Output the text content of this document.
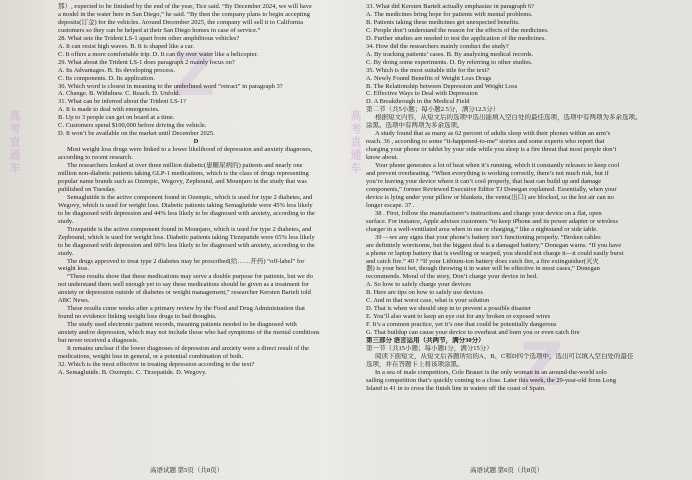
高考直通车	高考直通车
Z
Z
那）, expected to be finished by the end of the year, Tice said. “By December 2024, we will have
a model in the water here in San Diego,” he said. “By then the company plans to begin accepting
deposits(订金) for the vehicles. Around December 2025, the company will sell it to California
customers so they can be helped at their San Diego homes in case of service.”
28. What sets the Trident LS-1 apart from other amphibious vehicles?
A. It can resist high waves. B. It is shaped like a car.
C. It offers a more comfortable trip. D. It can fly over water like a helicopter.
29. What about the Trident LS-1 does paragraph 2 mainly focus on?
A. Its Advantages. B. Its developing process.
C. Its components. D. Its application.
30. Which word is closest in meaning to the underlined word “retract” in paragraph 3?
A. Change. B. Withdraw. C. Reach. D. Unfold.
31. What can be inferred about the Trident LS-1?
A. It is made to deal with emergencies.
B. Up to 3 people can get on board at a time.
C. Customers spend $100,000 before driving the vehicle.
D. It won’t be available on the market until December 2025.
D
Most weight loss drugs were linked to a lower likelihood of depression and anxiety diagnoses,
according to recent research.
The researchers looked at over three million diabetic(患糖尿病的) patients and nearly one
million non-diabetic patients taking GLP-1 medications, which is the class of drugs representing
popular name brands such as Ozempic, Wegovy, Zepbound, and Mounjaro in the study that was
published on Tuesday.
Semaglutide is the active component found in Ozempic, which is used for type 2 diabetes, and
Wegovy, which is used for weight loss. Diabetic patients taking Semaglutide were 45% less likely
to be diagnosed with depression and 44% less likely to be diagnosed with anxiety, according to the
study.
Tirzepatide is the active component found in Mounjaro, which is used for type 2 diabetes, and
Zepbound, which is used for weight loss. Diabetic patients taking Tirzepatide were 65% less likely
to be diagnosed with depression and 60% less likely to be diagnosed with anxiety, according to the
study.
The drugs approved to treat type 2 diabetes may be prescribed(给……开药) “off-label” for
weight loss.
“These results show that these medications may serve a double purpose for patients, but we do
not understand them well enough yet to say these medications should be given as a treatment for
anxiety or depression outside of diabetes or weight management,” researcher Kersten Bartelt told
ABC News.
These results come weeks after a primary review by the Food and Drug Administration that
found no evidence linking weight loss drugs to bad thoughts.
The study used electronic patient records, meaning patients needed to be diagnosed with
anxiety and/or depression, which may not include those who had symptoms of the mental conditions
but never received a diagnosis.
It remains unclear if the lower diagnoses of depression and anxiety were a direct result of the
medications, weight loss in general, or a potential combination of both.
32. Which is the most effective in treating depression according to the text?
A. Semaglutide. B. Ozempic. C. Tirzepatide. D. Wegovy.
33. What did Kersten Bartelt actually emphasize in paragraph 6?
A. The medicines bring hope for patients with mental problems.
B. Patients taking these medicines get unexpected benefits.
C. People don’t understand the reason for the effects of the medicines.
D. Further studies are needed to test the application of the medicines.
34. How did the researchers mainly conduct the study?
A. By tracking patients’ cases. B. By analyzing medical records.
C. By doing some experiments. D. By referring to other studies.
35. Which is the most suitable title for the text?
A. Newly Found Benefits of Weight Loss Drugs
B. The Relationship between Depression and Weight Loss
C. Effective Ways to Deal with Depression
D. A Breakthrough in the Medical Field
第二节（共5小题；每小题2.5分，满分12.5分）
根据短文内容，从短文后的选项中选出能填入空白处的最佳选项，选项中有两项为多余选项。
涂黑。选项中有两项为多余选项。
A study found that as many as 62 percent of adults sleep with their phones within an arm’s
reach. 36 , according to some “it-happened-to-me” stories and some experts who report that
charging your phone or tablet by your side while you sleep is a fire threat that most people don’t
know about.
Your phone generates a lot of heat when it’s running, which it constantly releases to keep cool
and prevent overheating. “When everything is working correctly, there’s not much risk, but if
you’re leaving your device where it can’t cool properly, that heat can build up and damage
components,” former Reviewed Executive Editor TJ Donegan explained. Essentially, when your
device is lying under your pillow or blankets, the vents(出口) are blocked, so the hot air can no
longer escape. 37 .
38 . First, follow the manufacturer’s instructions and charge your device on a flat, open
surface. For instance, Apple advises customers “to keep iPhone and its power adapter or wireless
charger in a well-ventilated area when in use or charging,” like a nightstand or side table.
39 —we any signs that your phone’s battery isn’t functioning properly. “Broken cables
are definitely worrisome, but the biggest deal is a damaged battery,” Donegan warns. “If you have
a phone or laptop battery that is swelling or warped, you should not charge it—it could easily burst
and catch fire.” 40 ? “If your Lithium-ion battery does catch fire, a fire extinguisher(灭火
器) is your best bet, though throwing it in water will be effective in most cases,” Donegan
recommends. Moral of the story, Don’t charge your device in bed.
A. So how to safely charge your devices
B. Here are tips on how to safely use devices
C. And in that worst case, what is your solution
D. That is when we should step in to prevent a possible disaster
E. You’ll also want to keep an eye out for any broken or exposed wires
F. It’s a common practice, yet it’s one that could be potentially dangerous
G. That buildup can cause your device to overheat and burn you or even catch fire
第三部分 语言运用（共两节，满分30分）
第一节（共15小题；每小题1分，满分15分）
阅读下面短文，从短文后各题所给的A、B、C和D四个选项中，选出可以填入空白处的最佳
选项，并在答题卡上将该项涂黑。
In a sea of male competitors, Cole Brauer is the only woman in an around-the-world solo
sailing competition that’s quickly coming to a close. Later this week, the 29-year-old from Long
Island is 41 in to cross the finish line in waters off the coast of Spain.
高语试题 第5页（共8页）	高语试题 第6页（共8页）
